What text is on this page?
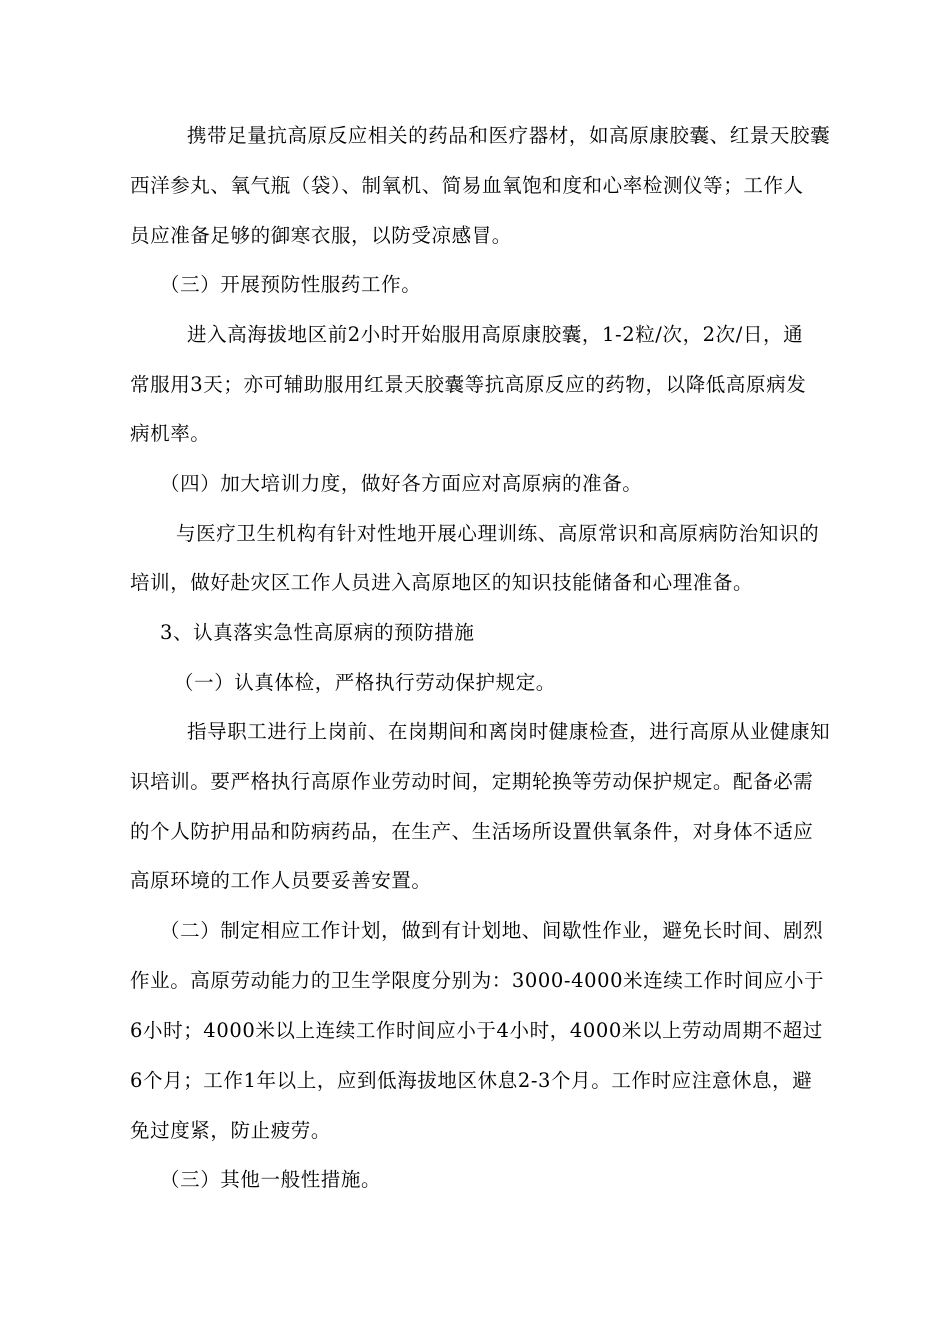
携带足量抗高原反应相关的药品和医疗器材，如高原康胶囊、红景天胶囊
西洋参丸、氧气瓶（袋）、制氧机、简易血氧饱和度和心率检测仪等；工作人
员应准备足够的御寒衣服，以防受凉感冒。
（三）开展预防性服药工作。
进入高海拔地区前2小时开始服用高原康胶囊，1-2粒/次，2次/日，通
常服用3天；亦可辅助服用红景天胶囊等抗高原反应的药物，以降低高原病发
病机率。
（四）加大培训力度，做好各方面应对高原病的准备。
与医疗卫生机构有针对性地开展心理训练、高原常识和高原病防治知识的
培训，做好赴灾区工作人员进入高原地区的知识技能储备和心理准备。
3、认真落实急性高原病的预防措施
（一）认真体检，严格执行劳动保护规定。
指导职工进行上岗前、在岗期间和离岗时健康检查，进行高原从业健康知
识培训。要严格执行高原作业劳动时间，定期轮换等劳动保护规定。配备必需
的个人防护用品和防病药品，在生产、生活场所设置供氧条件，对身体不适应
高原环境的工作人员要妥善安置。
（二）制定相应工作计划，做到有计划地、间歇性作业，避免长时间、剧烈
作业。高原劳动能力的卫生学限度分别为：3000-4000米连续工作时间应小于
6小时；4000米以上连续工作时间应小于4小时，4000米以上劳动周期不超过
6个月；工作1年以上，应到低海拔地区休息2-3个月。工作时应注意休息，避
免过度紧，防止疲劳。
（三）其他一般性措施。
